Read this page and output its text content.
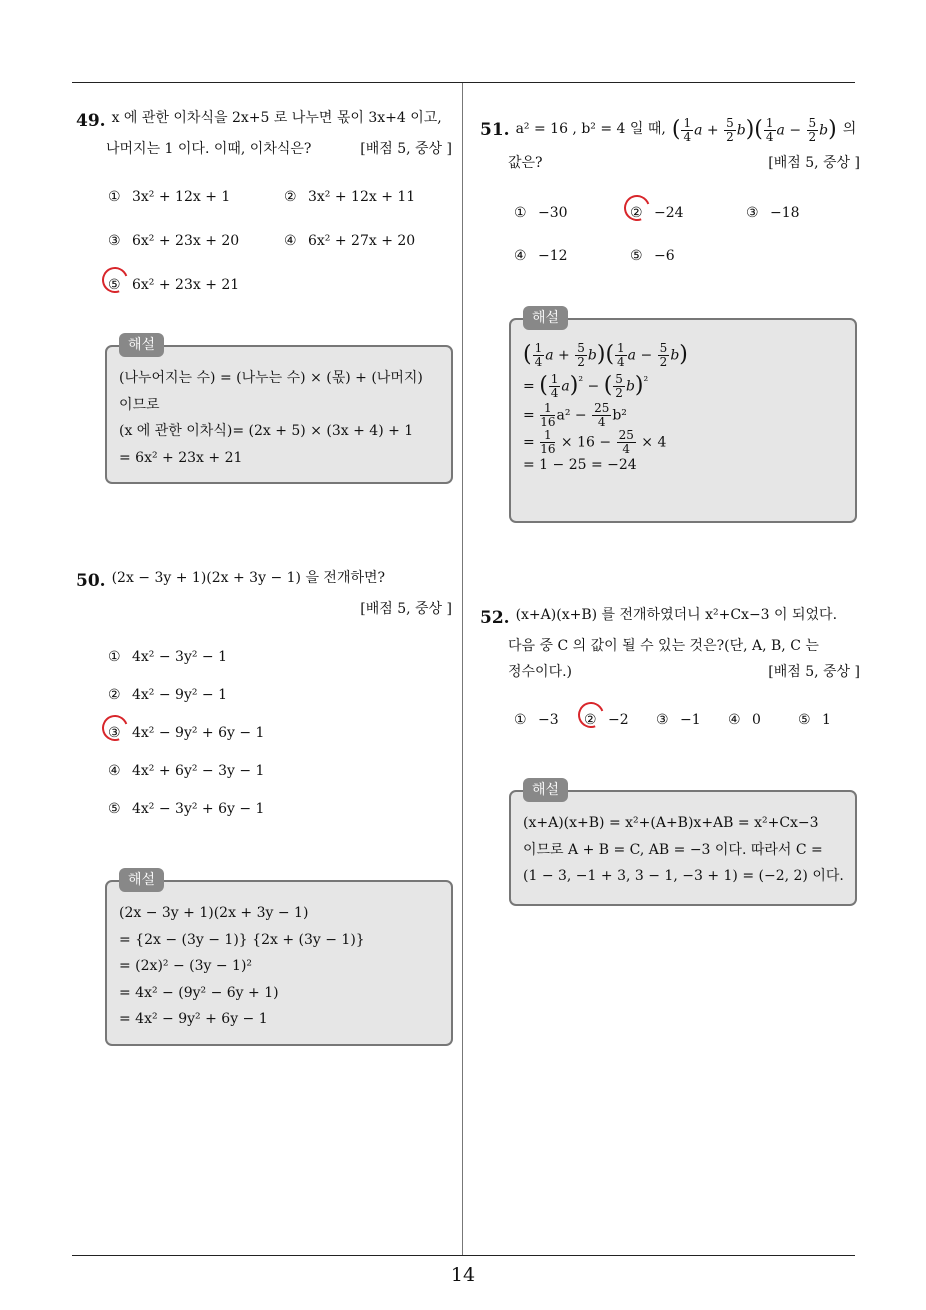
14
49. x 에 관한 이차식을 2x+5 로 나누면 몫이 3x+4 이고,
나머지는 1 이다. 이때, 이차식은?	[배점 5, 중상 ]
① 3x² + 12x + 1	② 3x² + 12x + 11
③ 6x² + 23x + 20	④ 6x² + 27x + 20
⑤ 6x² + 23x + 21
해설
(나누어지는 수) = (나누는 수) × (몫) + (나머지)
이므로
(x 에 관한 이차식)= (2x + 5) × (3x + 4) + 1
= 6x² + 23x + 21
50. (2x − 3y + 1)(2x + 3y − 1) 을 전개하면?
[배점 5, 중상 ]
① 4x² − 3y² − 1
② 4x² − 9y² − 1
③ 4x² − 9y² + 6y − 1
④ 4x² + 6y² − 3y − 1
⑤ 4x² − 3y² + 6y − 1
해설
(2x − 3y + 1)(2x + 3y − 1)
= {2x − (3y − 1)} {2x + (3y − 1)}
= (2x)² − (3y − 1)²
= 4x² − (9y² − 6y + 1)
= 4x² − 9y² + 6y − 1
51. a² = 16 , b² = 4 일 때, ( $\frac{1}{4}$ $a + \frac{5}{2} b)( \frac{1}{4}$ $a - \frac{5}{2} b$) 의
값은?	[배점 5, 중상 ]
① −30	② −24	③ −18
④ −12	⑤ −6
해설
( $\frac{1}{4}$ $a + \frac{5}{2} b)( \frac{1}{4}$ $a - \frac{5}{2} b$)
= ( $\frac{1}{4} a)^{^2}$ − ( $\frac{5}{2} b)^{^2}$
= $\frac{1}{16} a^2 - \frac{25}{4} b^2$
= $\frac{1}{16} \times 16 - \frac{25}{4} \times 4$
= 1 − 25 = −24
52. (x+A)(x+B) 를 전개하였더니 x²+Cx−3 이 되었다.
다음 중 C 의 값이 될 수 있는 것은?(단, A, B, C 는
정수이다.)	[배점 5, 중상 ]
① −3 ② −2 ③ −1 ④ 0	⑤ 1
해설
(x+A)(x+B) = x²+(A+B)x+AB = x²+Cx−3
이므로 A + B = C, AB = −3 이다. 따라서 C =
(1 − 3, −1 + 3, 3 − 1, −3 + 1) = (−2, 2) 이다.
